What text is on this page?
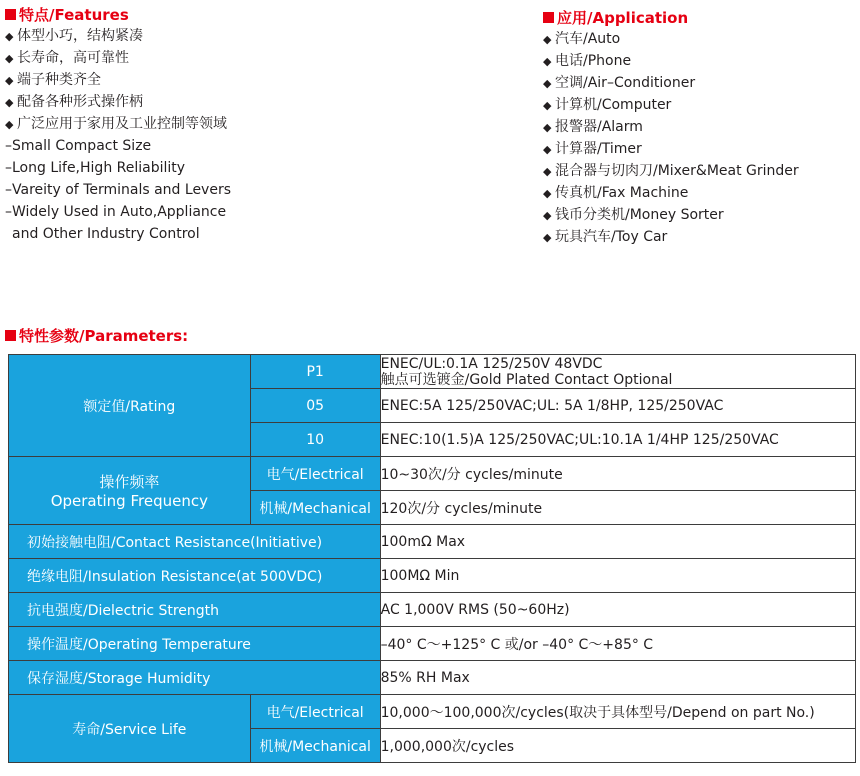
特点/Features
◆ 体型小巧，结构紧凑
◆ 长寿命，高可靠性
◆ 端子种类齐全
◆ 配备各种形式操作柄
◆ 广泛应用于家用及工业控制等领域
–Small Compact Size
–Long Life,High Reliability
–Vareity of Terminals and Levers
–Widely Used in Auto,Appliance
and Other Industry Control
应用/Application
◆ 汽车/Auto
◆ 电话/Phone
◆ 空调/Air–Conditioner
◆ 计算机/Computer
◆ 报警器/Alarm
◆ 计算器/Timer
◆ 混合器与切肉刀/Mixer&Meat Grinder
◆ 传真机/Fax Machine
◆ 钱币分类机/Money Sorter
◆ 玩具汽车/Toy Car
特性参数/Parameters:
额定值/Rating	P1	ENEC/UL:0.1A 125/250V 48VDC
触点可选镀金/Gold Plated Contact Optional

	05	ENEC:5A 125/250VAC;UL: 5A 1/8HP, 125/250VAC
	10	ENEC:10(1.5)A 125/250VAC;UL:10.1A 1/4HP 125/250VAC

操作频率
Operating Frequency	电气/Electrical	10~30次/分 cycles/minute
	机械/Mechanical	120次/分 cycles/minute
初始接触电阻/Contact Resistance(Initiative)		100mΩ Max
绝缘电阻/Insulation Resistance(at 500VDC)		100MΩ Min
抗电强度/Dielectric Strength		AC 1,000V RMS (50~60Hz)
操作温度/Operating Temperature		–40° C～+125° C 或/or –40° C～+85° C
保存湿度/Storage Humidity		85% RH Max
寿命/Service Life	电气/Electrical	10,000～100,000次/cycles(取决于具体型号/Depend on part No.)
	机械/Mechanical	1,000,000次/cycles
